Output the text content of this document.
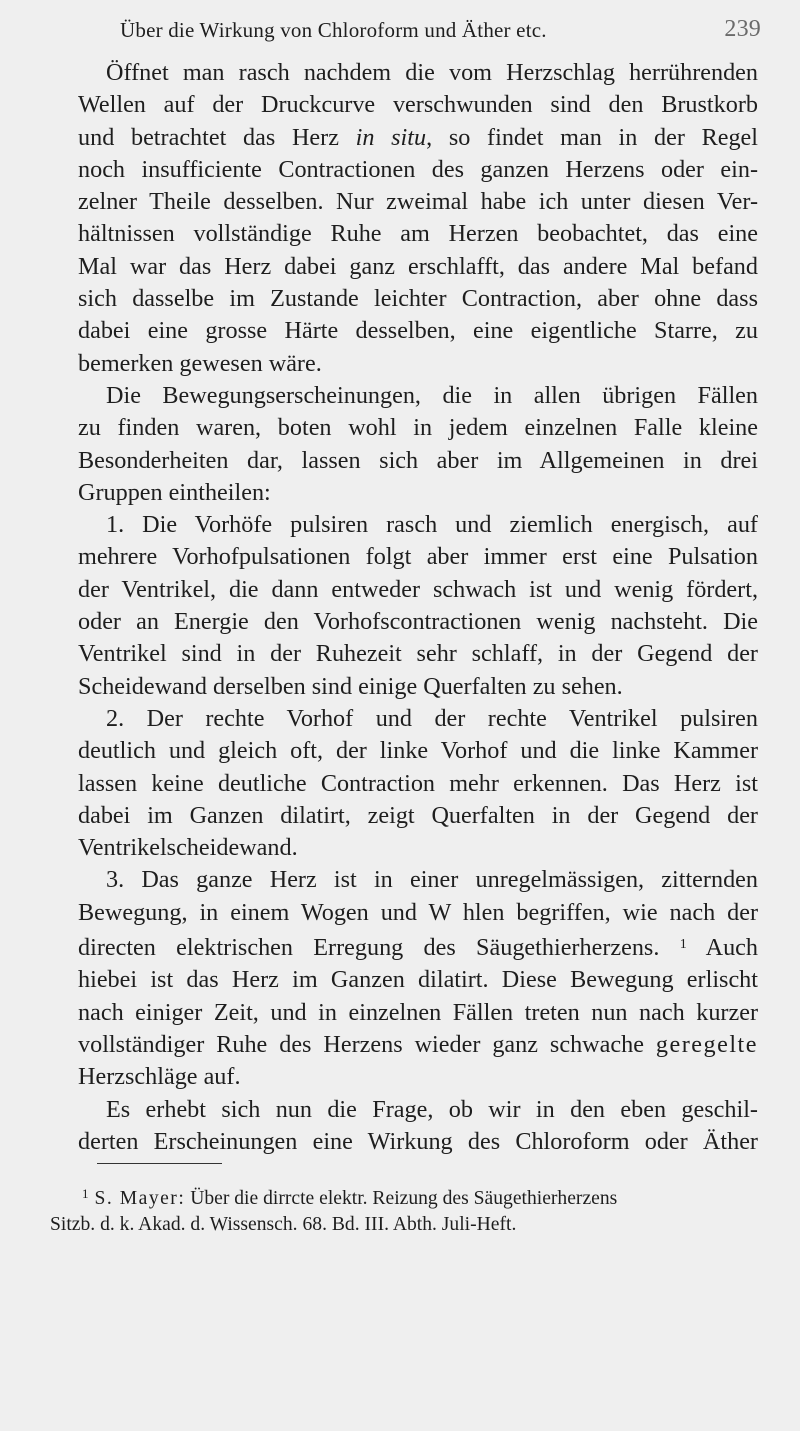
Über die Wirkung von Chloroform und Äther etc.	239

Öffnet man rasch nachdem die vom Herzschlag herrührenden
Wellen auf der Druckcurve verschwunden sind den Brustkorb
und betrachtet das Herz in situ, so findet man in der Regel
noch insufficiente Contractionen des ganzen Herzens oder ein-
zelner Theile desselben. Nur zweimal habe ich unter diesen Ver-
hältnissen vollständige Ruhe am Herzen beobachtet, das eine
Mal war das Herz dabei ganz erschlafft, das andere Mal befand
sich dasselbe im Zustande leichter Contraction, aber ohne dass
dabei eine grosse Härte desselben, eine eigentliche Starre, zu
bemerken gewesen wäre.

Die Bewegungserscheinungen, die in allen übrigen Fällen
zu finden waren, boten wohl in jedem einzelnen Falle kleine
Besonderheiten dar, lassen sich aber im Allgemeinen in drei
Gruppen eintheilen:

1. Die Vorhöfe pulsiren rasch und ziemlich energisch, auf
mehrere Vorhofpulsationen folgt aber immer erst eine Pulsation
der Ventrikel, die dann entweder schwach ist und wenig fördert,
oder an Energie den Vorhofscontractionen wenig nachsteht. Die
Ventrikel sind in der Ruhezeit sehr schlaff, in der Gegend der
Scheidewand derselben sind einige Querfalten zu sehen.

2. Der rechte Vorhof und der rechte Ventrikel pulsiren
deutlich und gleich oft, der linke Vorhof und die linke Kammer
lassen keine deutliche Contraction mehr erkennen. Das Herz ist
dabei im Ganzen dilatirt, zeigt Querfalten in der Gegend der
Ventrikelscheidewand.

3. Das ganze Herz ist in einer unregelmässigen, zitternden
Bewegung, in einem Wogen und W hlen begriffen, wie nach der
directen elektrischen Erregung des Säugethierherzens. $^1$ Auch
hiebei ist das Herz im Ganzen dilatirt. Diese Bewegung erlischt
nach einiger Zeit, und in einzelnen Fällen treten nun nach kurzer
vollständiger Ruhe des Herzens wieder ganz schwache geregelte
Herzschläge auf.

Es erhebt sich nun die Frage, ob wir in den eben geschil-
derten Erscheinungen eine Wirkung des Chloroform oder Äther

$^1$ S. Mayer: Über die dirrcte elektr. Reizung des Säugethierherzens
Sitzb. d. k. Akad. d. Wissensch. 68. Bd. III. Abth. Juli-Heft.
